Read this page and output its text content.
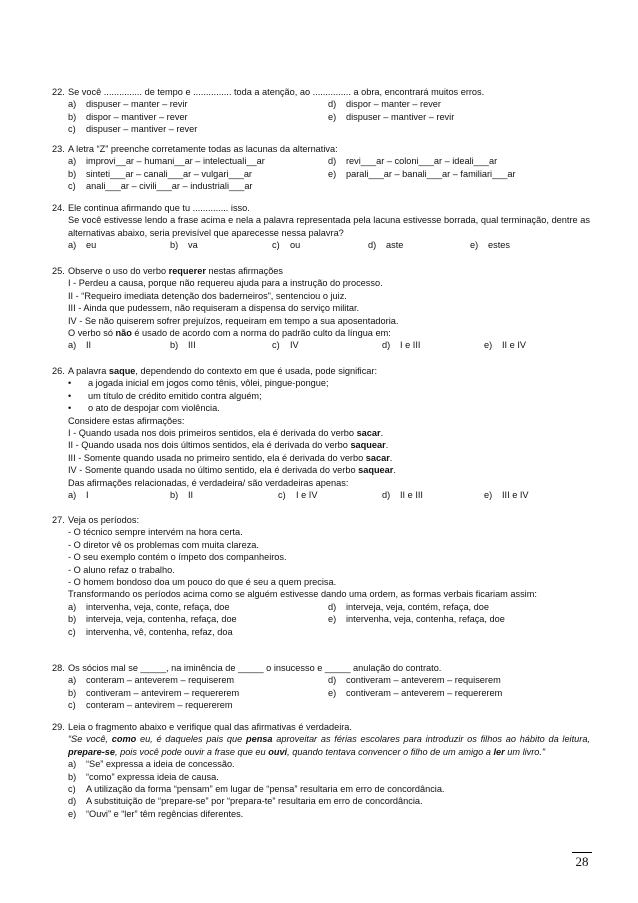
22. Se você ............... de tempo e ............... toda a atenção, ao ............... a obra, encontrará muitos erros.
a) dispuser – manter – revir	d) dispor – manter – rever
b) dispor – mantiver – rever	e) dispuser – mantiver – revir
c) dispuser – mantiver – rever
23. A letra “Z” preenche corretamente todas as lacunas da alternativa:
a) improvi__ar – humani__ar – intelectuali__ar	d) revi___ar – coloni___ar – ideali___ar
b) sinteti___ar – canali___ar – vulgari___ar	e) parali___ar – banali___ar – familiari___ar
c) anali___ar – civili___ar – industriali___ar
24. Ele continua afirmando que tu .............. isso.
Se você estivesse lendo a frase acima e nela a palavra representada pela lacuna estivesse borrada, qual terminação, dentre as alternativas abaixo, seria previsível que aparecesse nessa palavra?
a) eu	b) va	c) ou	d) aste	e) estes
25. Observe o uso do verbo requerer nestas afirmações
I - Perdeu a causa, porque não requereu ajuda para a instrução do processo.
II - “Requeiro imediata detenção dos baderneiros”, sentenciou o juiz.
III - Ainda que pudessem, não requiseram a dispensa do serviço militar.
IV - Se não quiserem sofrer prejuízos, requeiram em tempo a sua aposentadoria.
O verbo só não é usado de acordo com a norma do padrão culto da língua em:
a) II	b) III	c) IV	d) I e III	e) II e IV
26. A palavra saque, dependendo do contexto em que é usada, pode significar:
• a jogada inicial em jogos como tênis, vôlei, pingue-pongue;
• um título de crédito emitido contra alguém;
• o ato de despojar com violência.
Considere estas afirmações:
I - Quando usada nos dois primeiros sentidos, ela é derivada do verbo sacar.
II - Quando usada nos dois últimos sentidos, ela é derivada do verbo saquear.
III - Somente quando usada no primeiro sentido, ela é derivada do verbo sacar.
IV - Somente quando usada no último sentido, ela é derivada do verbo saquear.
Das afirmações relacionadas, é verdadeira/ são verdadeiras apenas:
a) I	b) II	c) I e IV	d) II e III	e) III e IV
27. Veja os períodos:
- O técnico sempre intervém na hora certa.
- O diretor vê os problemas com muita clareza.
- O seu exemplo contém o ímpeto dos companheiros.
- O aluno refaz o trabalho.
- O homem bondoso doa um pouco do que é seu a quem precisa.
Transformando os períodos acima como se alguém estivesse dando uma ordem, as formas verbais ficariam assim:
a) intervenha, veja, conte, refaça, doe	d) interveja, veja, contém, refaça, doe
b) interveja, veja, contenha, refaça, doe	e) intervenha, veja, contenha, refaça, doe
c) intervenha, vê, contenha, refaz, doa
28. Os sócios mal se _____, na iminência de _____ o insucesso e _____ anulação do contrato.
a) conteram – anteverem – requiserem	d) contiveram – anteverem – requiserem
b) contiveram – antevirem – requererem	e) contiveram – anteverem – requererem
c) conteram – antevirem – requererem
29. Leia o fragmento abaixo e verifique qual das afirmativas é verdadeira.
“Se você, como eu, é daqueles pais que pensa aproveitar as férias escolares para introduzir os filhos ao hábito da leitura, prepare-se, pois você pode ouvir a frase que eu ouvi, quando tentava convencer o filho de um amigo a ler um livro.”
a) “Se” expressa a ideia de concessão.
b) “como” expressa ideia de causa.
c) A utilização da forma “pensam” em lugar de “pensa” resultaria em erro de concordância.
d) A substituição de “prepare-se” por “prepara-te” resultaria em erro de concordância.
e) “Ouvi” e “ler” têm regências diferentes.
28
